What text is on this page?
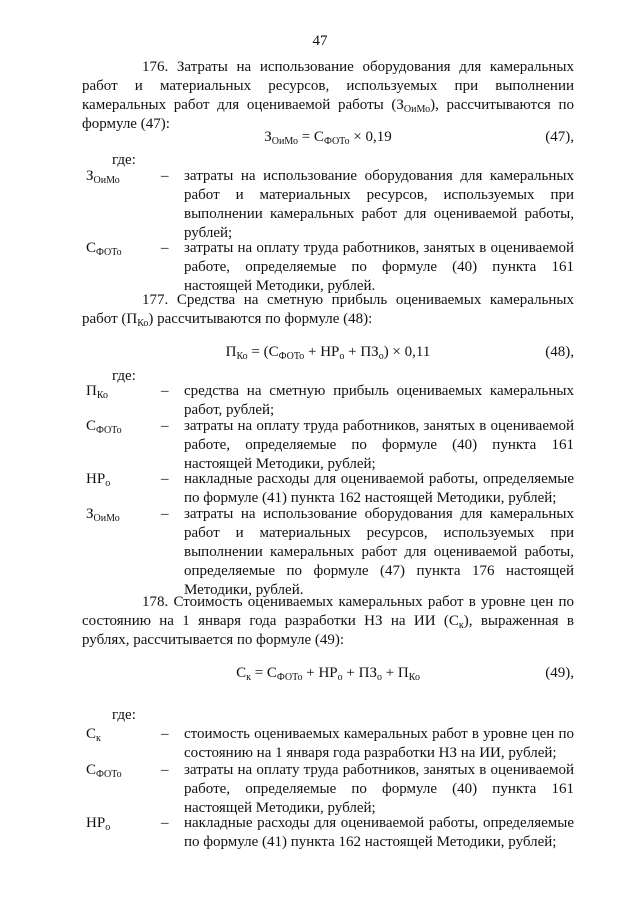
47
176. Затраты на использование оборудования для камеральных работ и материальных ресурсов, используемых при выполнении камеральных работ для оцениваемой работы $(З_{ОиМо})$, рассчитываются по формуле (47):
$З_{ОиМо} = С_{ФОТо} \times 0,19$	(47),
где:
$З_{ОиМо}$	– затраты на использование оборудования для камеральных работ и материальных ресурсов, используемых при выполнении камеральных работ для оцениваемой работы, рублей;
$С_{ФОТо}$	– затраты на оплату труда работников, занятых в оцениваемой работе, определяемые по формуле (40) пункта 161 настоящей Методики, рублей.
177. Средства на сметную прибыль оцениваемых камеральных работ $(П_{Ко})$ рассчитываются по формуле (48):
$П_{Ко} = (С_{ФОТо} + НР_о + ПЗ_о) \times 0,11$	(48),
где:
$П_{Ко}$	– средства на сметную прибыль оцениваемых камеральных работ, рублей;
$С_{ФОТо}$	– затраты на оплату труда работников, занятых в оцениваемой работе, определяемые по формуле (40) пункта 161 настоящей Методики, рублей;
$НР_о$	– накладные расходы для оцениваемой работы, определяемые по формуле (41) пункта 162 настоящей Методики, рублей;
$З_{ОиМо}$	– затраты на использование оборудования для камеральных работ и материальных ресурсов, используемых при выполнении камеральных работ для оцениваемой работы, определяемые по формуле (47) пункта 176 настоящей Методики, рублей.
178. Стоимость оцениваемых камеральных работ в уровне цен по состоянию на 1 января года разработки НЗ на ИИ $(С_к)$, выраженная в рублях, рассчитывается по формуле (49):
$С_к = С_{ФОТо} + НР_о + ПЗ_о + П_{Ко}$	(49),
где:
$С_к$	– стоимость оцениваемых камеральных работ в уровне цен по состоянию на 1 января года разработки НЗ на ИИ, рублей;
$С_{ФОТо}$	– затраты на оплату труда работников, занятых в оцениваемой работе, определяемые по формуле (40) пункта 161 настоящей Методики, рублей;
$НР_о$	– накладные расходы для оцениваемой работы, определяемые по формуле (41) пункта 162 настоящей Методики, рублей;
